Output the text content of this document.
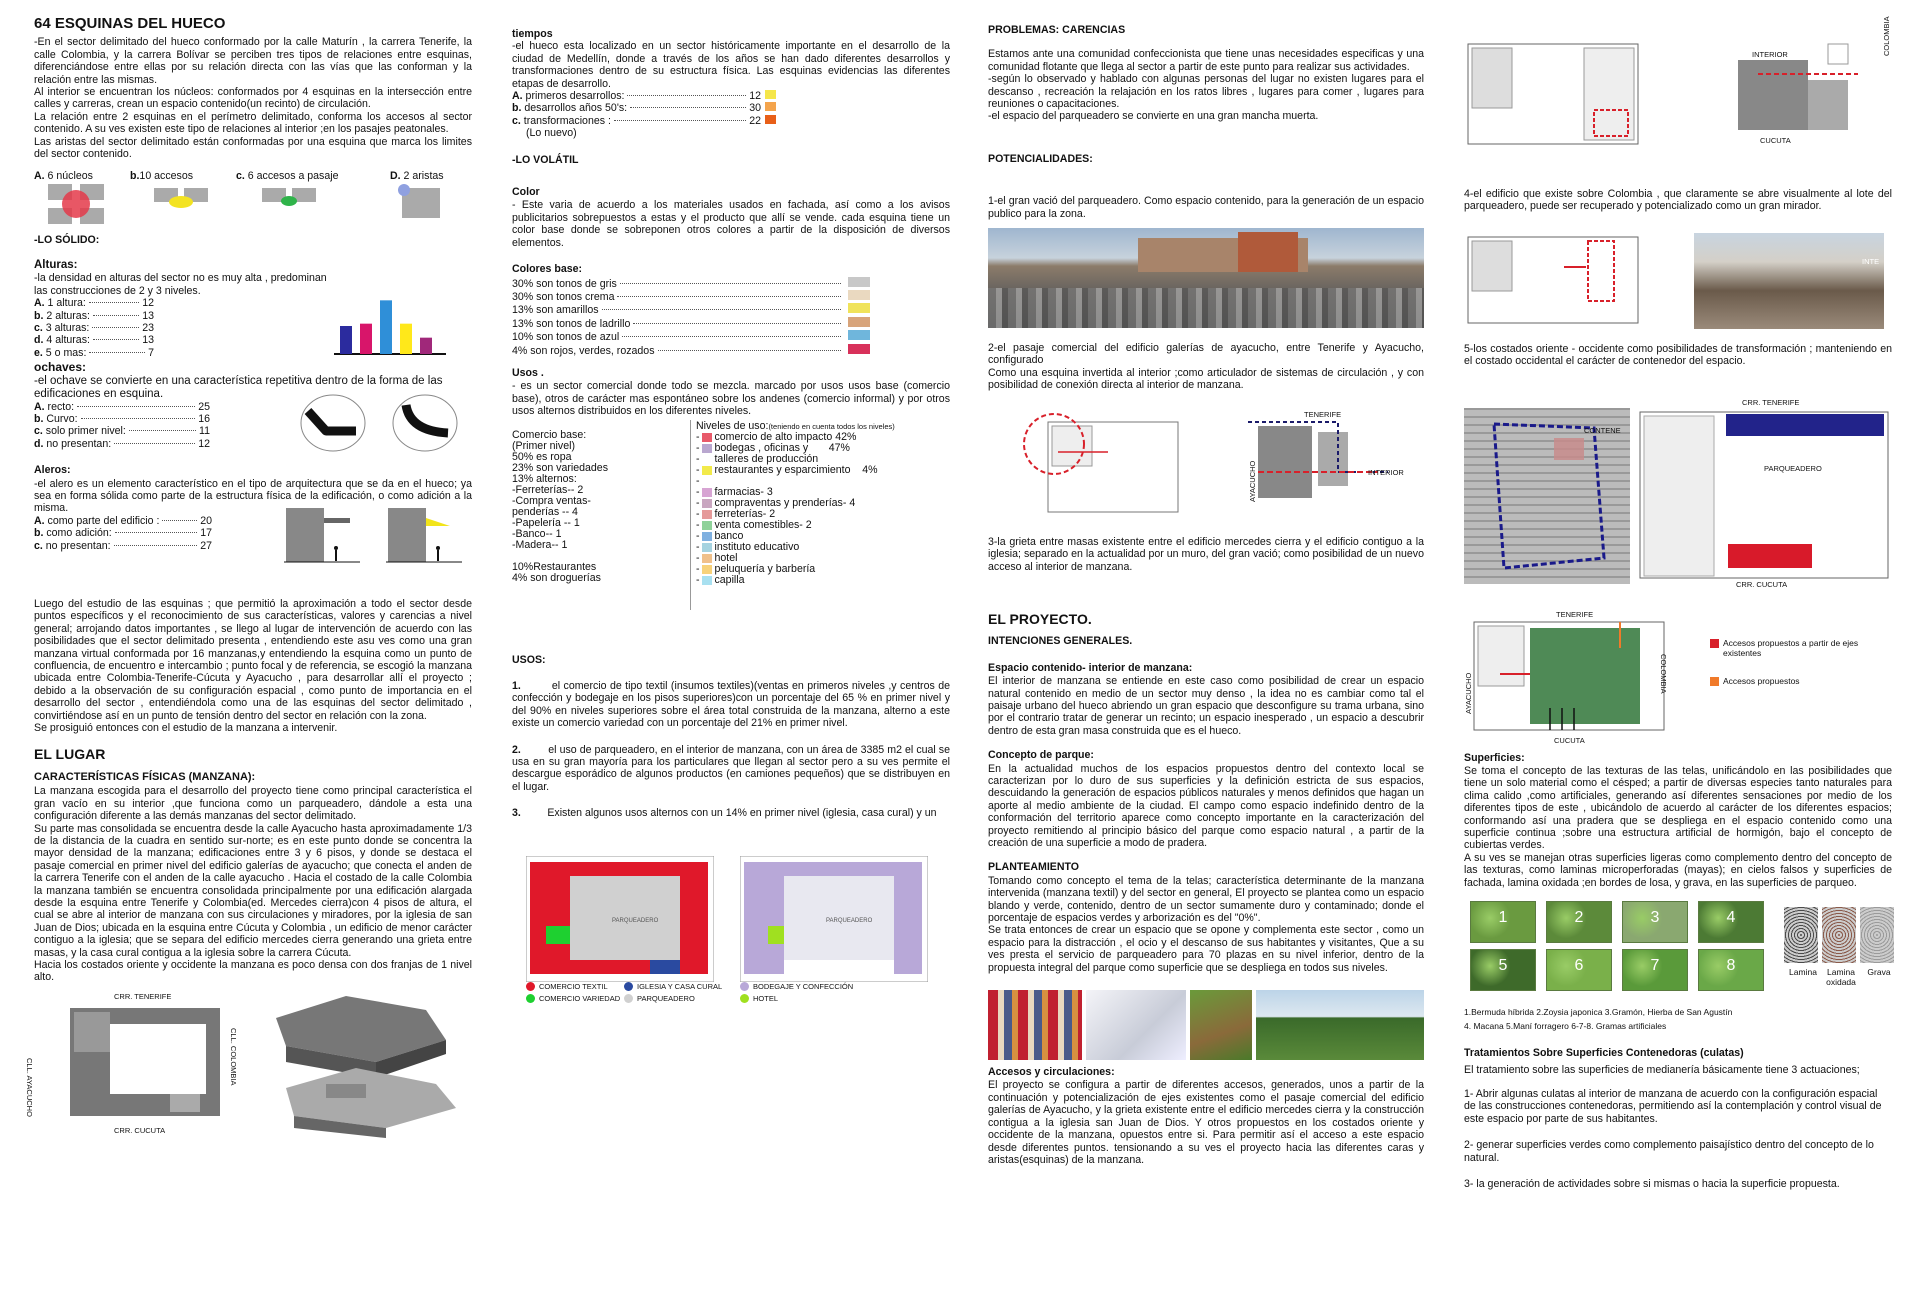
64 ESQUINAS DEL HUECO

-En el sector delimitado del hueco conformado por la calle Maturín , la carrera Tenerife, la calle Colombia, y la carrera Bolívar se perciben tres tipos de relaciones entre esquinas, diferenciándose entre ellas por su relación directa con las vías que las conforman y la relación entre las mismas.

Al interior se encuentran los núcleos: conformados por 4 esquinas en la intersección entre calles y carreras, crean un espacio contenido(un recinto) de circulación.

La relación entre 2 esquinas en el perímetro delimitado, conforma los accesos al sector contenido. A su ves existen este tipo de relaciones al interior ;en los pasajes peatonales.

Las aristas del sector delimitado están conformadas por una esquina que marca los limites del sector contenido.

A. 6 núcleos	b.10 accesos	c. 6 accesos a pasaje	D. 2 aristas
-LO SÓLIDO:
Alturas:
-la densidad en alturas del sector no es muy alta , predominan las construcciones de 2 y 3 niveles.
A. 1 altura:	12
b. 2 alturas:	13
c. 3 alturas:	23
d. 4 alturas:	13
e. 5 o mas:	7
ochaves:
-el ochave se convierte en una característica repetitiva dentro de la forma de las edificaciones en esquina.
A. recto:	25
b. Curvo:	16
c. solo primer nivel:	11
d. no presentan:	12
Aleros:
-el alero es un elemento característico en el tipo de arquitectura que se da en el hueco; ya sea en forma sólida como parte de la estructura física de la edificación, o como adición a la misma.
A. como parte del edificio :	20
b. como adición:	17
c. no presentan:	27
Luego del estudio de las esquinas ; que permitió la aproximación a todo el sector desde puntos específicos y el reconocimiento de sus características, valores y carencias a nivel general; arrojando datos importantes , se llego al lugar de intervención de acuerdo con las posibilidades que el sector delimitado presenta , entendiendo este asu ves como una gran manzana virtual conformada por 16 manzanas,y entendiendo la esquina como un punto de confluencia, de encuentro e intercambio ; punto focal y de referencia, se escogió la manzana ubicada entre Colombia-Tenerife-Cúcuta y Ayacucho , para desarrollar allí el proyecto ; debido a la observación de su configuración espacial , como punto de importancia en el desarrollo del sector , entendiéndola como una de las esquinas del sector delimitado , convirtiéndose así en un punto de tensión dentro del sector en relación con la zona.
Se prosiguió entonces con el estudio de la manzana a intervenir.
EL LUGAR
CARACTERÍSTICAS FÍSICAS (MANZANA):

La manzana escogida para el desarrollo del proyecto tiene como principal característica el gran vacío en su interior ,que funciona como un parqueadero, dándole a esta una configuración diferente a las demás manzanas del sector delimitado.

Su parte mas consolidada se encuentra desde la calle Ayacucho hasta aproximadamente 1/3 de la distancia de la cuadra en sentido sur-norte; es en este punto donde se concentra la mayor densidad de la manzana; edificaciones entre 3 y 6 pisos, y donde se destaca el pasaje comercial en primer nivel del edificio galerías de ayacucho; que conecta el anden de la carrera Tenerife con el anden de la calle ayacucho . Hacia el costado de la calle Colombia la manzana también se encuentra consolidada principalmente por una edificación alargada desde la esquina entre Tenerife y Colombia(ed. Mercedes cierra)con 4 pisos de altura, el cual se abre al interior de manzana con sus circulaciones y miradores, por la iglesia de san Juan de Dios; ubicada en la esquina entre Cúcuta y Colombia , un edificio de menor carácter contiguo a la iglesia; que se separa del edificio mercedes cierra generando una grieta entre masas, y la casa cural contigua a la iglesia sobre la carrera Cúcuta.

Hacia los costados oriente y occidente la manzana es poco densa con dos franjas de 1 nivel alto.

CRR. TENERIFE
CLL. AYACUCHO
CLL. COLOMBIA
CRR. CUCUTA
tiempos
-el hueco esta localizado en un sector históricamente importante en el desarrollo de la ciudad de Medellín, donde a través de los años se han dado diferentes desarrollos y transformaciones dentro de su estructura física. Las esquinas evidencias las diferentes etapas de desarrollo.
A. primeros desarrollos:	12
b. desarrollos años 50's:	30
c. transformaciones :	22
(Lo nuevo)
-LO VOLÁTIL
Color
- Este varia de acuerdo a los materiales usados en fachada, así como a los avisos publicitarios sobrepuestos a estas y el producto que allí se vende. cada esquina tiene un color base donde se sobreponen otros colores a partir de la disposición de diversos elementos.
Colores base:
30% son tonos de gris
30% son tonos crema
13% son amarillos
13% son tonos de ladrillo
10% son tonos de azul
4% son rojos, verdes, rozados
Usos .
- es un sector comercial donde todo se mezcla. marcado por usos usos base (comercio base), otros de carácter mas espontáneo sobre los andenes (comercio informal) y por otros usos alternos distribuidos en los diferentes niveles.
Comercio base:
(Primer nivel)
50% es ropa
23% son variedades
13% alternos:
-Ferreterías-- 2
-Compra ventas-
penderías -- 4
-Papelería -- 1
-Banco-- 1
-Madera-- 1
10%Restaurantes
4% son droguerías
Niveles de uso:(teniendo en cuenta todos los niveles)
- comercio de alto impacto 42%
- bodegas , oficinas y       47%
- talleres de producción
- restaurantes y esparcimiento    4%
-
- farmacias- 3
- compraventas y prenderías- 4
- ferreterías- 2
- venta comestibles- 2
- banco
- instituto educativo
- hotel
- peluquería y barbería
- capilla
USOS:

1.         el comercio de tipo textil (insumos textiles)(ventas en primeros niveles ,y centros de confección y bodegaje en los pisos superiores)con un porcentaje del 65 % en primer nivel y del 90% en niveles superiores sobre el área total construida de la manzana, alterno a este existe un comercio variedad con un porcentaje del 21% en primer nivel.

2.         el uso de parqueadero, en el interior de manzana, con un área de 3385 m2 el cual se usa en su gran mayoría para los particulares que llegan al sector pero a su ves permite el descargue esporádico de algunos productos (en camiones pequeños) que se distribuyen en el lugar.

3.         Existen algunos usos alternos con un 14% en primer nivel (iglesia, casa cural) y un

PARQUEADERO	PARQUEADERO
COMERCIO TEXTIL
COMERCIO VARIEDAD
IGLESIA Y CASA CURAL
PARQUEADERO
BODEGAJE Y CONFECCIÓN
HOTEL
PROBLEMAS: CARENCIAS

Estamos ante una comunidad confeccionista que tiene unas necesidades especificas y una comunidad flotante que llega al sector a partir de este punto para realizar sus actividades.

-según lo observado y hablado con algunas personas del lugar no existen lugares para el descanso , recreación la relajación en los ratos libres , lugares para comer , lugares para reuniones o capacitaciones.

-el espacio del parqueadero se convierte en una gran mancha muerta.

POTENCIALIDADES:
1-el gran vació del parqueadero. Como espacio contenido, para la generación de un espacio publico para la zona.
2-el pasaje comercial del edificio galerías de ayacucho, entre Tenerife y Ayacucho, configurado
Como una esquina invertida al interior ;como articulador de sistemas de circulación , y con posibilidad de conexión directa al interior de manzana.
TENERIFE
AYACUCHO	INTERIOR
3-la grieta entre masas existente entre el edificio mercedes cierra y el edificio contiguo a la iglesia; separado en la actualidad por un muro, del gran vació; como posibilidad de un nuevo acceso al interior de manzana.
EL PROYECTO.
INTENCIONES GENERALES.
Espacio contenido- interior de manzana:
El interior de manzana se entiende en este caso como posibilidad de crear un espacio natural contenido en medio de un sector muy denso , la idea no es cambiar como tal el paisaje urbano del hueco abriendo un gran espacio que desconfigure su trama urbana, sino por el contrario tratar de generar un recinto; un espacio inesperado , un espacio a descubrir dentro de esta gran masa construida que es el hueco.
Concepto de parque:
En la actualidad muchos de los espacios propuestos dentro del contexto local se caracterizan por lo duro de sus superficies y la definición estricta de sus espacios, descuidando la generación de espacios públicos naturales y menos definidos que hagan un aporte al medio ambiente de la ciudad. El campo como espacio indefinido dentro de la conformación del territorio aparece como concepto importante en la caracterización del proyecto remitiendo al principio básico del parque como espacio natural , a partir de la creación de una superficie a modo de pradera.
PLANTEAMIENTO

Tomando como concepto el tema de la telas; característica determinante de la manzana intervenida (manzana textil) y del sector en general, El proyecto se plantea como un espacio blando y verde, contenido, dentro de un sector sumamente duro y contaminado; donde el porcentaje de espacios verdes y arborización es del "0%".

Se trata entonces de crear un espacio que se opone y complementa este sector , como un espacio para la distracción , el ocio y el descanso de sus habitantes y visitantes, Que a su ves presta el servicio de parqueadero para 70 plazas en su nivel inferior, dentro de la propuesta integral del parque como superficie que se despliega en todos sus niveles.

Accesos y circulaciones:
El proyecto se configura a partir de diferentes accesos, generados, unos a partir de la continuación y potencialización de ejes existentes como el pasaje comercial del edificio galerías de Ayacucho, y la grieta existente entre el edificio mercedes cierra y la construcción contigua a la iglesia san Juan de Dios. Y otros propuestos en los costados oriente y occidente de la manzana, opuestos entre si. Para permitir así el acceso a este espacio desde diferentes puntos. tensionando a su ves el proyecto hacia las diferentes caras y aristas(esquinas) de la manzana.
INTERIOR	COLOMBIA
CUCUTA
4-el edificio que existe sobre Colombia , que claramente se abre visualmente al lote del parqueadero, puede ser recuperado y potencializado como un gran mirador.
INTE
5-los costados oriente - occidente como posibilidades de transformación ; manteniendo en el costado occidental el carácter de contenedor del espacio.
CONTENE
CRR. TENERIFE
PARQUEADERO
CRR. CUCUTA
TENERIFE
AYACUCHO	COLOMBIA
CUCUTA
Accesos propuestos a partir de ejes existentes
Accesos propuestos
Superficies:

Se toma el concepto de las texturas de las telas, unificándolo en las posibilidades que tiene un solo material como el césped; a partir de diversas especies tanto naturales para clima calido ,como artificiales, generando así diferentes sensaciones por medio de los diferentes tipos de este , ubicándolo de acuerdo al carácter de los diferentes espacios; conformando así una pradera que se despliega en el espacio contenido como una superficie continua ;sobre una estructura artificial de hormigón, bajo el concepto de cubiertas verdes.

A su ves se manejan otras superficies ligeras como complemento dentro del concepto de las texturas, como laminas microperforadas (mayas); en cielos falsos y superficies de fachada, lamina oxidada ;en bordes de losa, y grava, en las superficies de parqueo.

1	2	3	4
5	6	7	8	Lamina	Lamina oxidada
Grava
1.Bermuda híbrida 2.Zoysia japonica 3.Gramón, Hierba de San Agustín
4. Macana 5.Maní forragero 6-7-8. Gramas artificiales
Tratamientos Sobre Superficies Contenedoras (culatas)
El tratamiento sobre las superficies de medianería básicamente tiene 3 actuaciones;

1- Abrir algunas culatas al interior de manzana de acuerdo con la configuración espacial de las construcciones contenedoras, permitiendo así la contemplación y control visual de este espacio por parte de sus habitantes.

2- generar superficies verdes como complemento paisajístico dentro del concepto de lo natural.

3- la generación de actividades sobre si mismas o hacia la superficie propuesta.
